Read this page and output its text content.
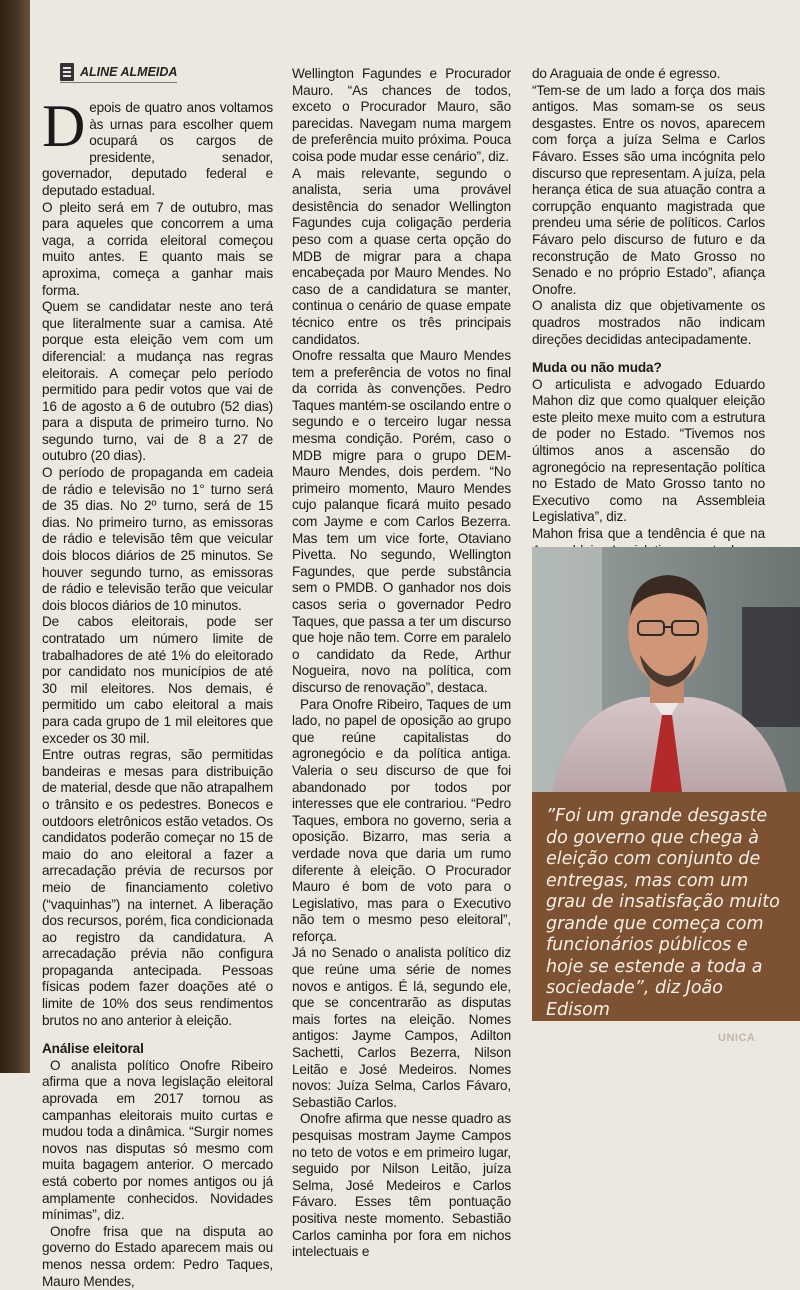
ALINE ALMEIDA

Depois de quatro anos voltamos às urnas para escolher quem ocupará os cargos de presidente, senador, governador, deputado federal e deputado estadual.

O pleito será em 7 de outubro, mas para aqueles que concorrem a uma vaga, a corrida eleitoral começou muito antes. E quanto mais se aproxima, começa a ganhar mais forma.

Quem se candidatar neste ano terá que literalmente suar a camisa. Até porque esta eleição vem com um diferencial: a mudança nas regras eleitorais. A começar pelo período permitido para pedir votos que vai de 16 de agosto a 6 de outubro (52 dias) para a disputa de primeiro turno. No segundo turno, vai de 8 a 27 de outubro (20 dias).

O período de propaganda em cadeia de rádio e televisão no 1° turno será de 35 dias. No 2º turno, será de 15 dias. No primeiro turno, as emissoras de rádio e televisão têm que veicular dois blocos diários de 25 minutos. Se houver segundo turno, as emissoras de rádio e televisão terão que veicular dois blocos diários de 10 minutos.

De cabos eleitorais, pode ser contratado um número limite de trabalhadores de até 1% do eleitorado por candidato nos municípios de até 30 mil eleitores. Nos demais, é permitido um cabo eleitoral a mais para cada grupo de 1 mil eleitores que exceder os 30 mil.

Entre outras regras, são permitidas bandeiras e mesas para distribuição de material, desde que não atrapalhem o trânsito e os pedestres. Bonecos e outdoors eletrônicos estão vetados. Os candidatos poderão começar no 15 de maio do ano eleitoral a fazer a arrecadação prévia de recursos por meio de financiamento coletivo (“vaquinhas”) na internet. A liberação dos recursos, porém, fica condicionada ao registro da candidatura. A arrecadação prévia não configura propaganda antecipada. Pessoas físicas podem fazer doações até o limite de 10% dos seus rendimentos brutos no ano anterior à eleição.

Análise eleitoral

O analista político Onofre Ribeiro afirma que a nova legislação eleitoral aprovada em 2017 tornou as campanhas eleitorais muito curtas e mudou toda a dinâmica. “Surgir nomes novos nas disputas só mesmo com muita bagagem anterior. O mercado está coberto por nomes antigos ou já amplamente conhecidos. Novidades mínimas”, diz.

Onofre frisa que na disputa ao governo do Estado aparecem mais ou menos nessa ordem: Pedro Taques, Mauro Mendes,

Wellington Fagundes e Procurador Mauro. “As chances de todos, exceto o Procurador Mauro, são parecidas. Navegam numa margem de preferência muito próxima. Pouca coisa pode mudar esse cenário”, diz.

A mais relevante, segundo o analista, seria uma provável desistência do senador Wellington Fagundes cuja coligação perderia peso com a quase certa opção do MDB de migrar para a chapa encabeçada por Mauro Mendes. No caso de a candidatura se manter, continua o cenário de quase empate técnico entre os três principais candidatos.

Onofre ressalta que Mauro Mendes tem a preferência de votos no final da corrida às convenções. Pedro Taques mantém-se oscilando entre o segundo e o terceiro lugar nessa mesma condição. Porém, caso o MDB migre para o grupo DEM-Mauro Mendes, dois perdem. “No primeiro momento, Mauro Mendes cujo palanque ficará muito pesado com Jayme e com Carlos Bezerra. Mas tem um vice forte, Otaviano Pivetta. No segundo, Wellington Fagundes, que perde substância sem o PMDB. O ganhador nos dois casos seria o governador Pedro Taques, que passa a ter um discurso que hoje não tem. Corre em paralelo o candidato da Rede, Arthur Nogueira, novo na política, com discurso de renovação”, destaca.

Para Onofre Ribeiro, Taques de um lado, no papel de oposição ao grupo que reúne capitalistas do agronegócio e da política antiga. Valeria o seu discurso de que foi abandonado por todos por interesses que ele contrariou. “Pedro Taques, embora no governo, seria a oposição. Bizarro, mas seria a verdade nova que daria um rumo diferente à eleição. O Procurador Mauro é bom de voto para o Legislativo, mas para o Executivo não tem o mesmo peso eleitoral”, reforça.

Já no Senado o analista político diz que reúne uma série de nomes novos e antigos. É lá, segundo ele, que se concentrarão as disputas mais fortes na eleição. Nomes antigos: Jayme Campos, Adilton Sachetti, Carlos Bezerra, Nilson Leitão e José Medeiros. Nomes novos: Juíza Selma, Carlos Fávaro, Sebastião Carlos.

Onofre afirma que nesse quadro as pesquisas mostram Jayme Campos no teto de votos e em primeiro lugar, seguido por Nilson Leitão, juíza Selma, José Medeiros e Carlos Fávaro. Esses têm pontuação positiva neste momento. Sebastião Carlos caminha por fora em nichos intelectuais e

do Araguaia de onde é egresso.

“Tem-se de um lado a força dos mais antigos. Mas somam-se os seus desgastes. Entre os novos, aparecem com força a juíza Selma e Carlos Fávaro. Esses são uma incógnita pelo discurso que representam. A juíza, pela herança ética de sua atuação contra a corrupção enquanto magistrada que prendeu uma série de políticos. Carlos Fávaro pelo discurso de futuro e da reconstrução de Mato Grosso no Senado e no próprio Estado”, afiança Onofre.

O analista diz que objetivamente os quadros mostrados não indicam direções decididas antecipadamente.

Muda ou não muda?

O articulista e advogado Eduardo Mahon diz que como qualquer eleição este pleito mexe muito com a estrutura de poder no Estado. “Tivemos nos últimos anos a ascensão do agronegócio na representação política no Estado de Mato Grosso tanto no Executivo como na Assembleia Legislativa”, diz.

Mahon frisa que a tendência é que na

”Foi um grande desgaste do governo que chega à eleição com conjunto de entregas, mas com um grau de insatisfação muito grande que começa com funcionários públicos e hoje se estende a toda a sociedade”, diz João Edisom
UNICA
